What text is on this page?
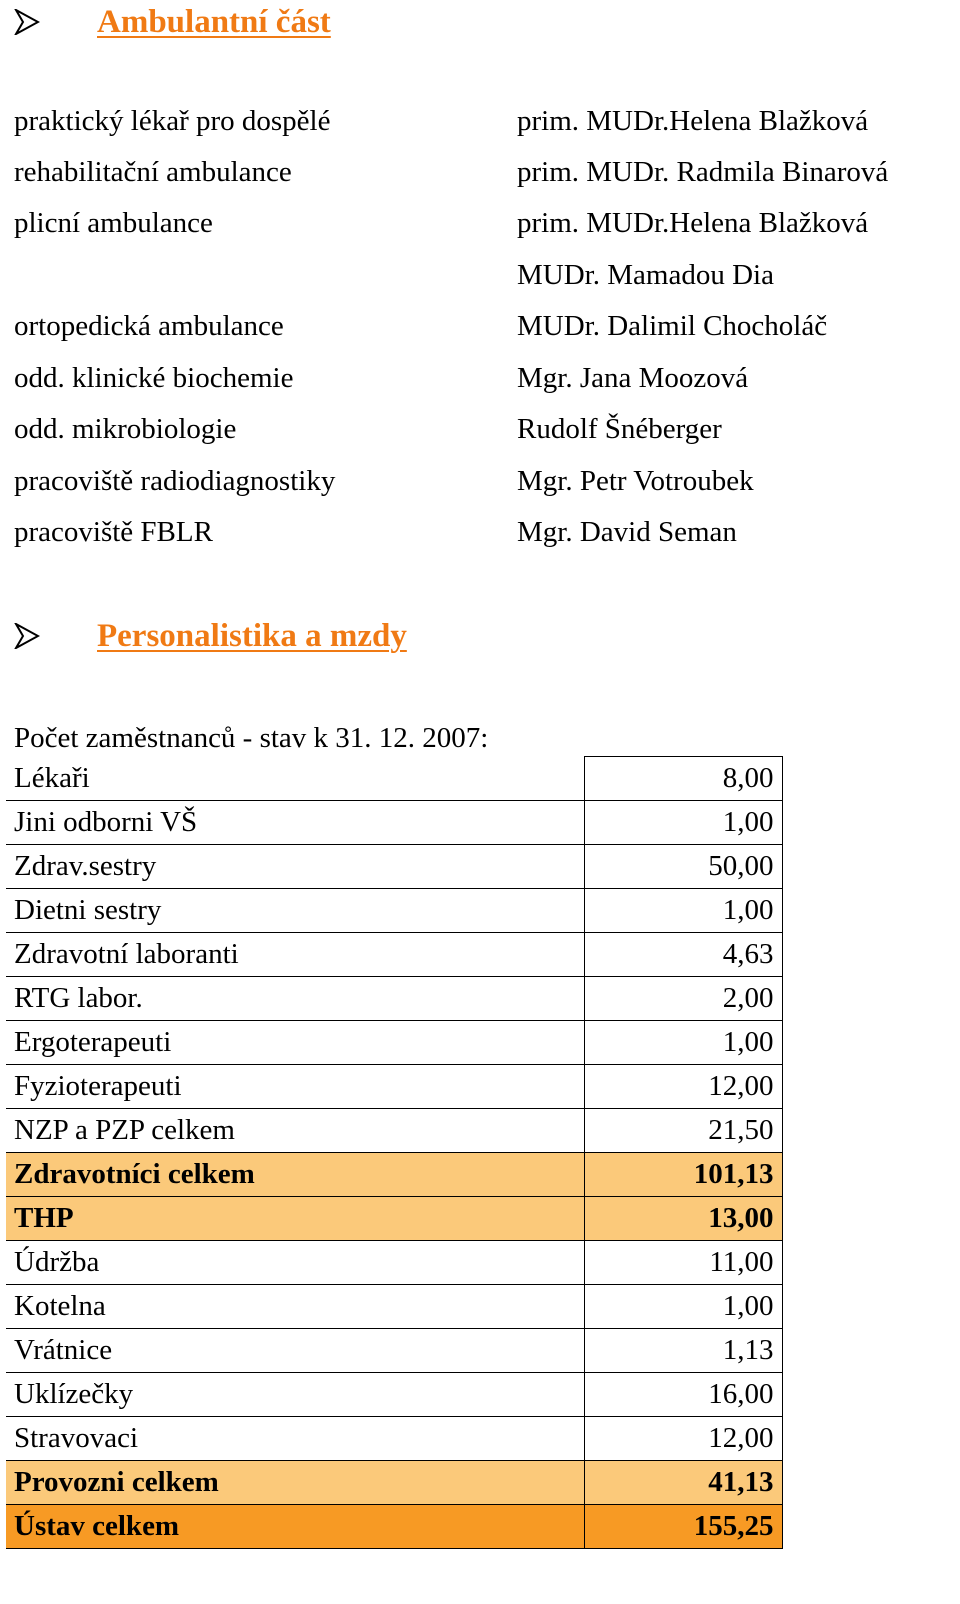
Ambulantní část
praktický lékař pro dospělé	prim. MUDr.Helena Blažková
rehabilitační ambulance	prim. MUDr. Radmila Binarová
plicní ambulance	prim. MUDr.Helena Blažková
MUDr. Mamadou Dia
ortopedická ambulance	MUDr. Dalimil Chocholáč
odd. klinické biochemie	Mgr. Jana Moozová
odd. mikrobiologie	Rudolf Šnéberger
pracoviště radiodiagnostiky	Mgr. Petr Votroubek
pracoviště FBLR	Mgr. David Seman
Personalistika a mzdy
Počet zaměstnanců - stav k 31. 12. 2007:
Lékaři	8,00
Jini odborni VŠ	1,00
Zdrav.sestry	50,00
Dietni sestry	1,00
Zdravotní laboranti	4,63
RTG labor.	2,00
Ergoterapeuti	1,00
Fyzioterapeuti	12,00
NZP a PZP celkem	21,50
Zdravotníci celkem	101,13
THP	13,00
Údržba	11,00
Kotelna	1,00
Vrátnice	1,13
Uklízečky	16,00
Stravovaci	12,00
Provozni celkem	41,13
Ústav celkem	155,25
